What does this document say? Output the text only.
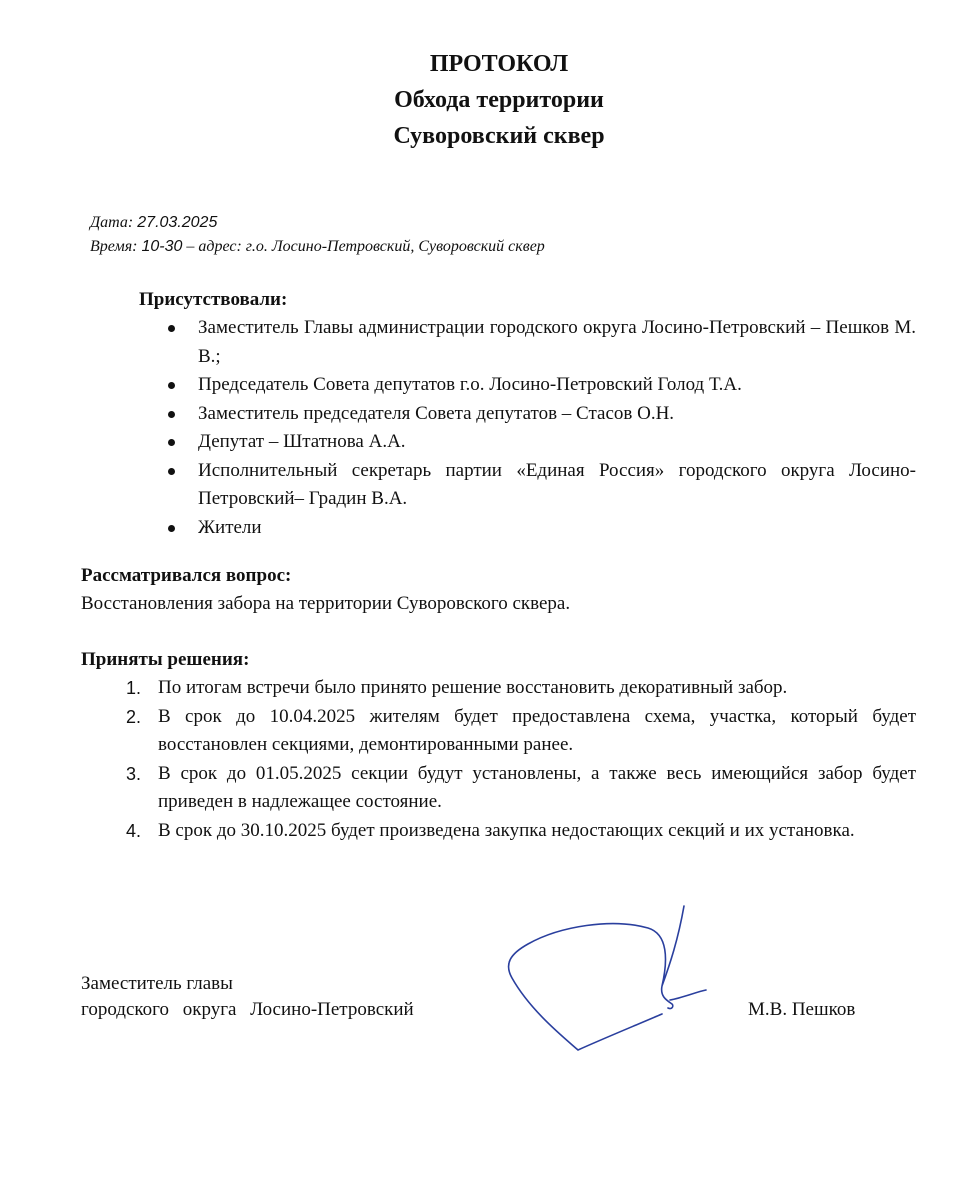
ПРОТОКОЛ
Обхода территории
Суворовский сквер
Дата: 27.03.2025
Время: 10-30 – адрес: г.о. Лосино-Петровский, Суворовский сквер
Присутствовали:
Заместитель Главы администрации городского округа Лосино-Петровский – Пешков М. В.;
Председатель Совета депутатов г.о. Лосино-Петровский Голод Т.А.
Заместитель председателя Совета депутатов – Стасов О.Н.
Депутат – Штатнова А.А.
Исполнительный секретарь партии «Единая Россия» городского округа Лосино-Петровский– Градин В.А.
Жители
Рассматривался вопрос:
Восстановления забора на территории Суворовского сквера.
Приняты решения:
1. По итогам встречи было принято решение восстановить декоративный забор.
2. В срок до 10.04.2025 жителям будет предоставлена схема, участка, который будет восстановлен секциями, демонтированными ранее.
3. В срок до 01.05.2025 секции будут установлены, а также весь имеющийся забор будет приведен в надлежащее состояние.
4. В срок до 30.10.2025 будет произведена закупка недостающих секций и их установка.
Заместитель главы
городского округа Лосино-Петровский	М.В. Пешков
